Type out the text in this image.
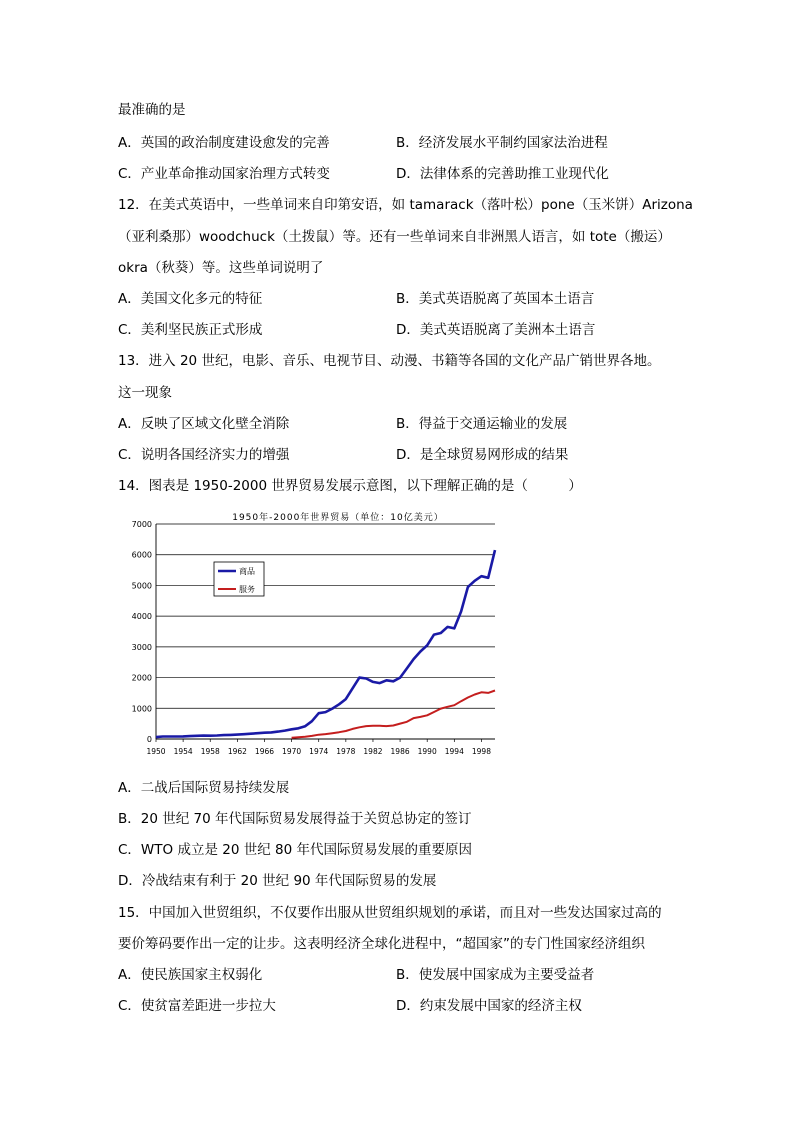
最准确的是
A．英国的政治制度建设愈发的完善	B．经济发展水平制约国家法治进程
C．产业革命推动国家治理方式转变	D．法律体系的完善助推工业现代化
12．在美式英语中，一些单词来自印第安语，如 tamarack（落叶松）pone（玉米饼）Arizona
（亚利桑那）woodchuck（土拨鼠）等。还有一些单词来自非洲黑人语言，如 tote（搬运）
okra（秋葵）等。这些单词说明了
A．美国文化多元的特征	B．美式英语脱离了英国本土语言
C．美利坚民族正式形成	D．美式英语脱离了美洲本土语言
13．进入 20 世纪，电影、音乐、电视节目、动漫、书籍等各国的文化产品广销世界各地。
这一现象
A．反映了区域文化壁全消除	B．得益于交通运输业的发展
C．说明各国经济实力的增强	D．是全球贸易网形成的结果
14．图表是 1950-2000 世界贸易发展示意图，以下理解正确的是（　　　）
1950年-2000年世界贸易（单位：10亿美元）
0
1000
2000
3000
4000
5000
6000
7000
1950 1954 1958 1962 1966 1970 1974 1978 1982 1986 1990 1994 1998
商品
服务
A．二战后国际贸易持续发展
B．20 世纪 70 年代国际贸易发展得益于关贸总协定的签订
C．WTO 成立是 20 世纪 80 年代国际贸易发展的重要原因
D．冷战结束有利于 20 世纪 90 年代国际贸易的发展
15．中国加入世贸组织，不仅要作出服从世贸组织规划的承诺，而且对一些发达国家过高的
要价筹码要作出一定的让步。这表明经济全球化进程中，“超国家”的专门性国家经济组织
A．使民族国家主权弱化	B．使发展中国家成为主要受益者
C．使贫富差距进一步拉大	D．约束发展中国家的经济主权
